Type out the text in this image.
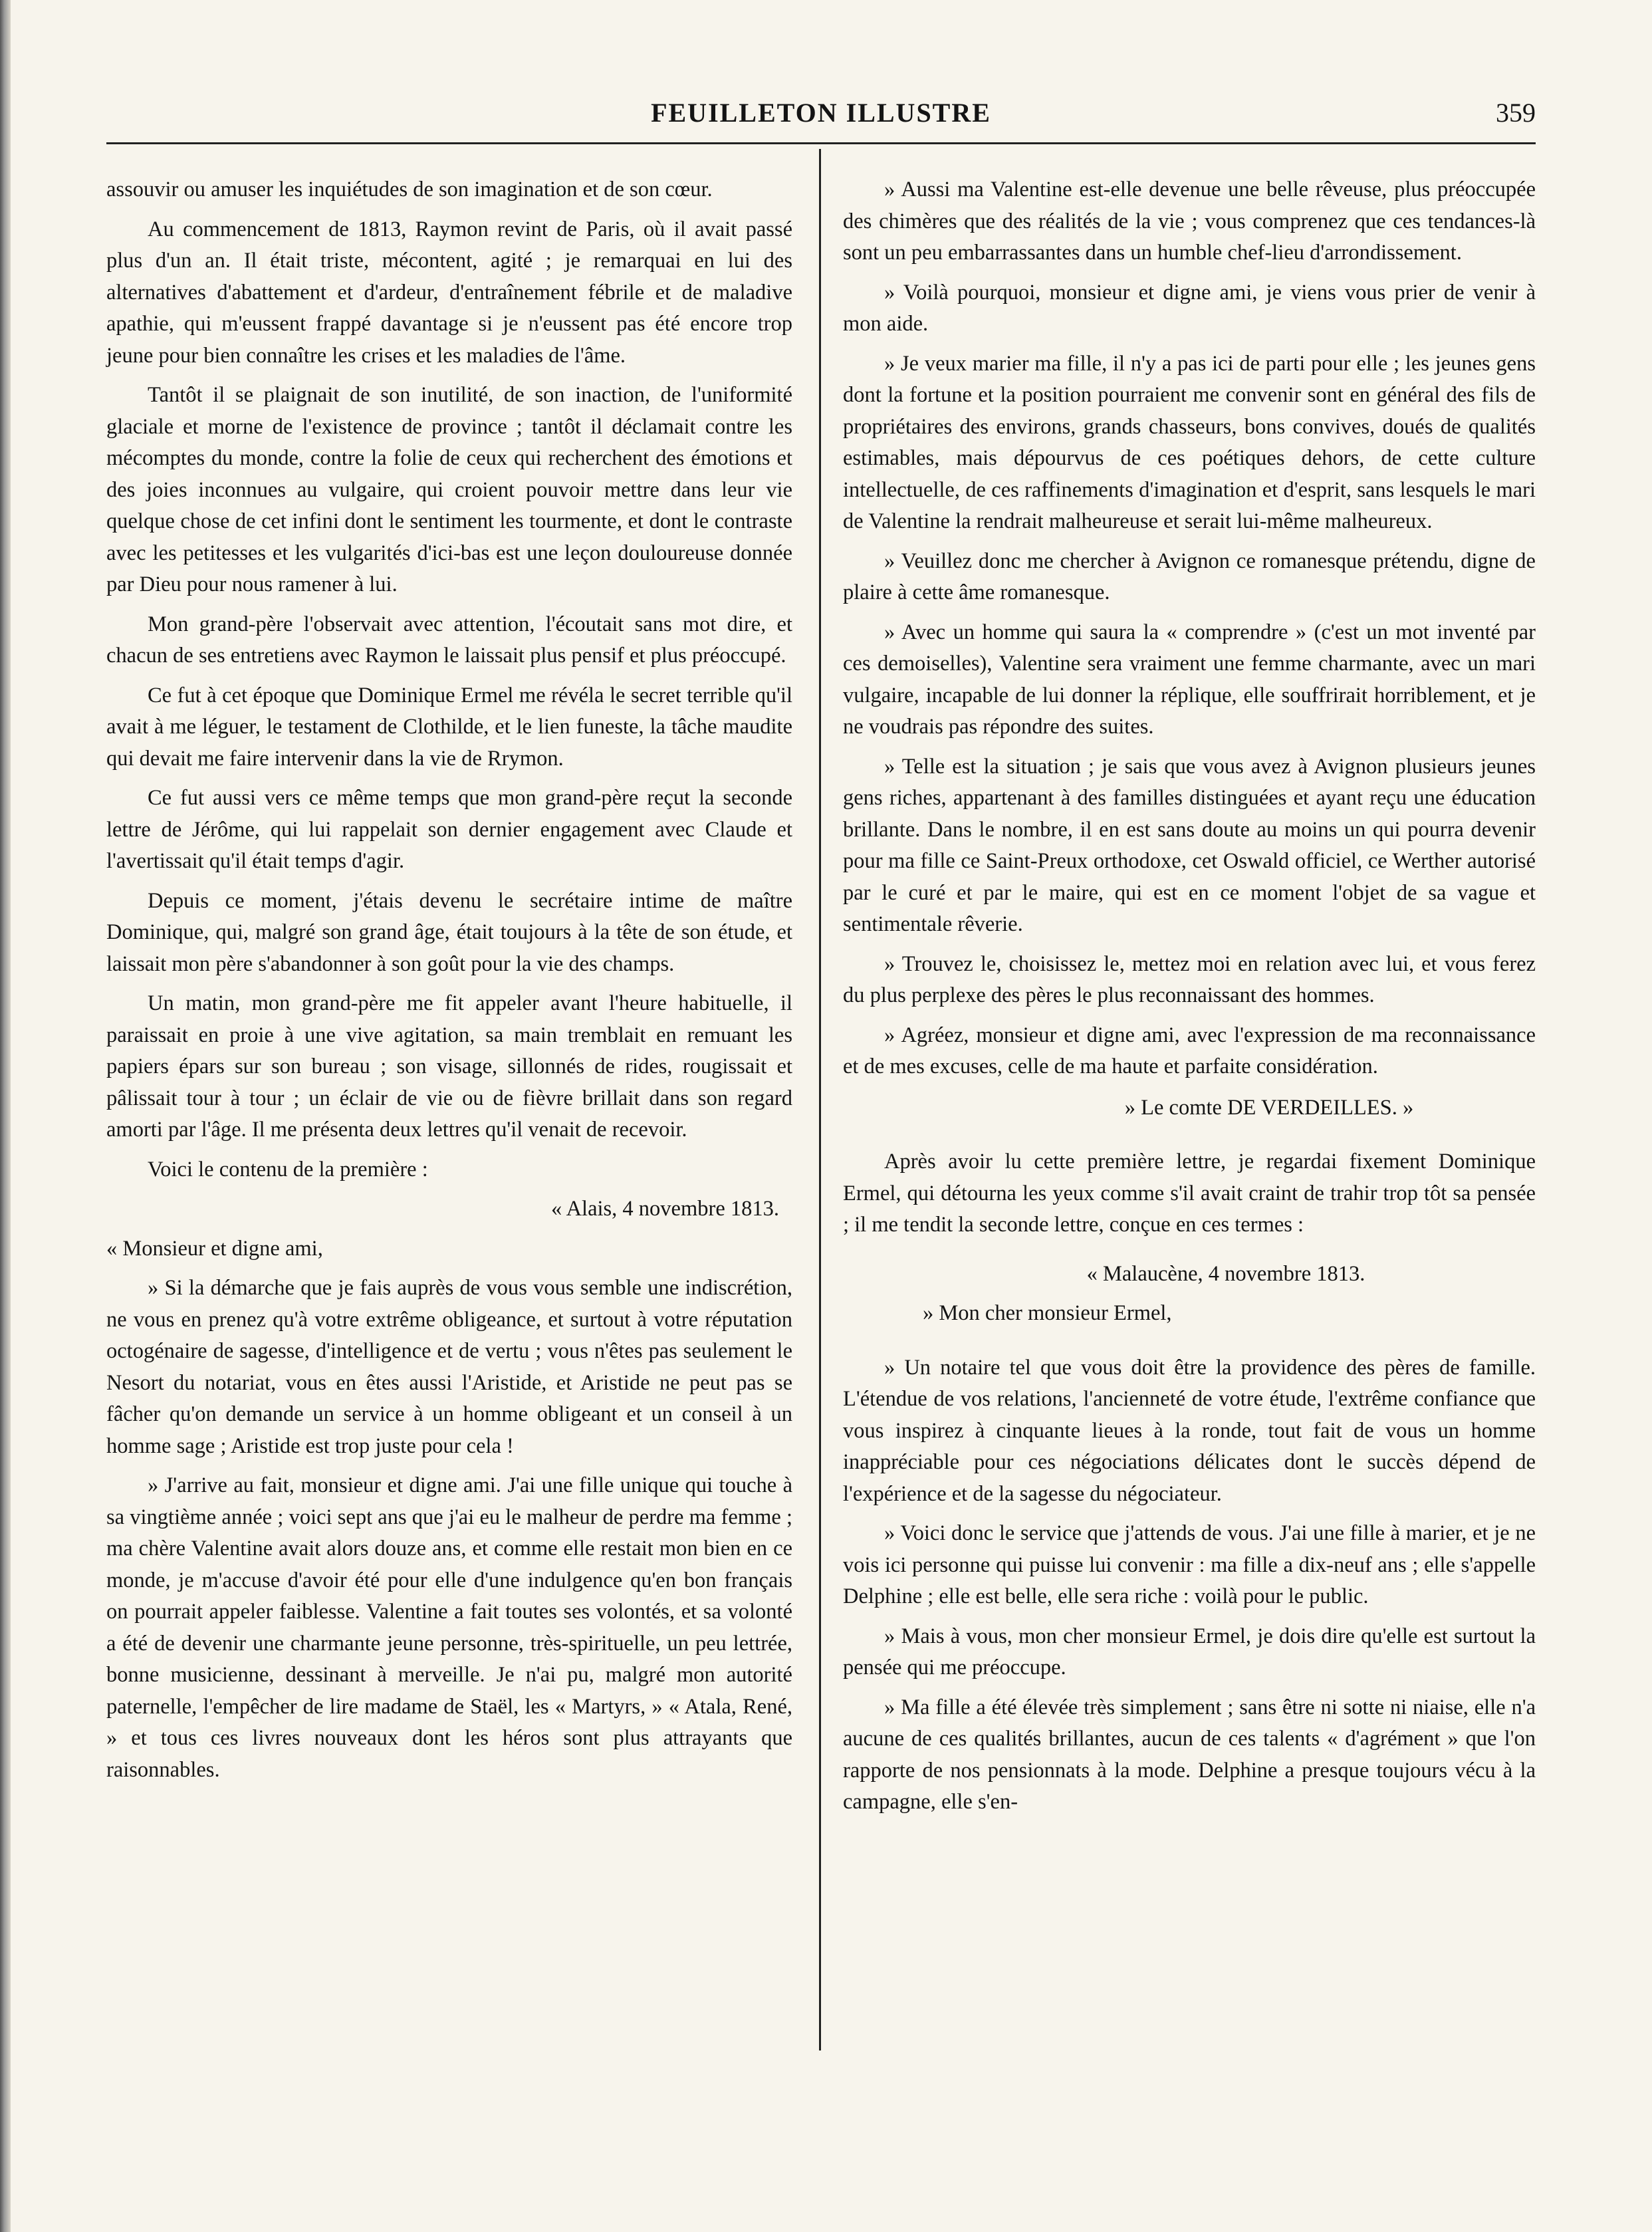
FEUILLETON ILLUSTRE	359

assouvir ou amuser les inquiétudes de son imagination et de son cœur.

Au commencement de 1813, Raymon revint de Paris, où il avait passé plus d'un an. Il était triste, mécontent, agité ; je remarquai en lui des alternatives d'abattement et d'ardeur, d'entraînement fébrile et de maladive apathie, qui m'eussent frappé davantage si je n'eussent pas été encore trop jeune pour bien connaître les crises et les maladies de l'âme.

Tantôt il se plaignait de son inutilité, de son inaction, de l'uniformité glaciale et morne de l'existence de province ; tantôt il déclamait contre les mécomptes du monde, contre la folie de ceux qui recherchent des émotions et des joies inconnues au vulgaire, qui croient pouvoir mettre dans leur vie quelque chose de cet infini dont le sentiment les tourmente, et dont le contraste avec les petitesses et les vulgarités d'ici-bas est une leçon douloureuse donnée par Dieu pour nous ramener à lui.

Mon grand-père l'observait avec attention, l'écoutait sans mot dire, et chacun de ses entretiens avec Raymon le laissait plus pensif et plus préoccupé.

Ce fut à cet époque que Dominique Ermel me révéla le secret terrible qu'il avait à me léguer, le testament de Clothilde, et le lien funeste, la tâche maudite qui devait me faire intervenir dans la vie de Rrymon.

Ce fut aussi vers ce même temps que mon grand-père reçut la seconde lettre de Jérôme, qui lui rappelait son dernier engagement avec Claude et l'avertissait qu'il était temps d'agir.

Depuis ce moment, j'étais devenu le secrétaire intime de maître Dominique, qui, malgré son grand âge, était toujours à la tête de son étude, et laissait mon père s'abandonner à son goût pour la vie des champs.

Un matin, mon grand-père me fit appeler avant l'heure habituelle, il paraissait en proie à une vive agitation, sa main tremblait en remuant les papiers épars sur son bureau ; son visage, sillonnés de rides, rougissait et pâlissait tour à tour ; un éclair de vie ou de fièvre brillait dans son regard amorti par l'âge. Il me présenta deux lettres qu'il venait de recevoir.

Voici le contenu de la première :

« Alais, 4 novembre 1813.

« Monsieur et digne ami,

» Si la démarche que je fais auprès de vous vous semble une indiscrétion, ne vous en prenez qu'à votre extrême obligeance, et surtout à votre réputation octogénaire de sagesse, d'intelligence et de vertu ; vous n'êtes pas seulement le Nesort du notariat, vous en êtes aussi l'Aristide, et Aristide ne peut pas se fâcher qu'on demande un service à un homme obligeant et un conseil à un homme sage ; Aristide est trop juste pour cela !

» J'arrive au fait, monsieur et digne ami. J'ai une fille unique qui touche à sa vingtième année ; voici sept ans que j'ai eu le malheur de perdre ma femme ; ma chère Valentine avait alors douze ans, et comme elle restait mon bien en ce monde, je m'accuse d'avoir été pour elle d'une indulgence qu'en bon français on pourrait appeler faiblesse. Valentine a fait toutes ses volontés, et sa volonté a été de devenir une charmante jeune personne, très-spirituelle, un peu lettrée, bonne musicienne, dessinant à merveille. Je n'ai pu, malgré mon autorité paternelle, l'empêcher de lire madame de Staël, les « Martyrs, » « Atala, René, » et tous ces livres nouveaux dont les héros sont plus attrayants que raisonnables.

» Aussi ma Valentine est-elle devenue une belle rêveuse, plus préoccupée des chimères que des réalités de la vie ; vous comprenez que ces tendances-là sont un peu embarrassantes dans un humble chef-lieu d'arrondissement.

» Voilà pourquoi, monsieur et digne ami, je viens vous prier de venir à mon aide.

» Je veux marier ma fille, il n'y a pas ici de parti pour elle ; les jeunes gens dont la fortune et la position pourraient me convenir sont en général des fils de propriétaires des environs, grands chasseurs, bons convives, doués de qualités estimables, mais dépourvus de ces poétiques dehors, de cette culture intellectuelle, de ces raffinements d'imagination et d'esprit, sans lesquels le mari de Valentine la rendrait malheureuse et serait lui-même malheureux.

» Veuillez donc me chercher à Avignon ce romanesque prétendu, digne de plaire à cette âme romanesque.

» Avec un homme qui saura la « comprendre » (c'est un mot inventé par ces demoiselles), Valentine sera vraiment une femme charmante, avec un mari vulgaire, incapable de lui donner la réplique, elle souffrirait horriblement, et je ne voudrais pas répondre des suites.

» Telle est la situation ; je sais que vous avez à Avignon plusieurs jeunes gens riches, appartenant à des familles distinguées et ayant reçu une éducation brillante. Dans le nombre, il en est sans doute au moins un qui pourra devenir pour ma fille ce Saint-Preux orthodoxe, cet Oswald officiel, ce Werther autorisé par le curé et par le maire, qui est en ce moment l'objet de sa vague et sentimentale rêverie.

» Trouvez le, choisissez le, mettez moi en relation avec lui, et vous ferez du plus perplexe des pères le plus reconnaissant des hommes.

» Agréez, monsieur et digne ami, avec l'expression de ma reconnaissance et de mes excuses, celle de ma haute et parfaite considération.

» Le comte DE VERDEILLES. »

Après avoir lu cette première lettre, je regardai fixement Dominique Ermel, qui détourna les yeux comme s'il avait craint de trahir trop tôt sa pensée ; il me tendit la seconde lettre, conçue en ces termes :

« Malaucène, 4 novembre 1813.

» Mon cher monsieur Ermel,

» Un notaire tel que vous doit être la providence des pères de famille. L'étendue de vos relations, l'ancienneté de votre étude, l'extrême confiance que vous inspirez à cinquante lieues à la ronde, tout fait de vous un homme inappréciable pour ces négociations délicates dont le succès dépend de l'expérience et de la sagesse du négociateur.

» Voici donc le service que j'attends de vous. J'ai une fille à marier, et je ne vois ici personne qui puisse lui convenir : ma fille a dix-neuf ans ; elle s'appelle Delphine ; elle est belle, elle sera riche : voilà pour le public.

» Mais à vous, mon cher monsieur Ermel, je dois dire qu'elle est surtout la pensée qui me préoccupe.

» Ma fille a été élevée très simplement ; sans être ni sotte ni niaise, elle n'a aucune de ces qualités brillantes, aucun de ces talents « d'agrément » que l'on rapporte de nos pensionnats à la mode. Delphine a presque toujours vécu à la campagne, elle s'en-
